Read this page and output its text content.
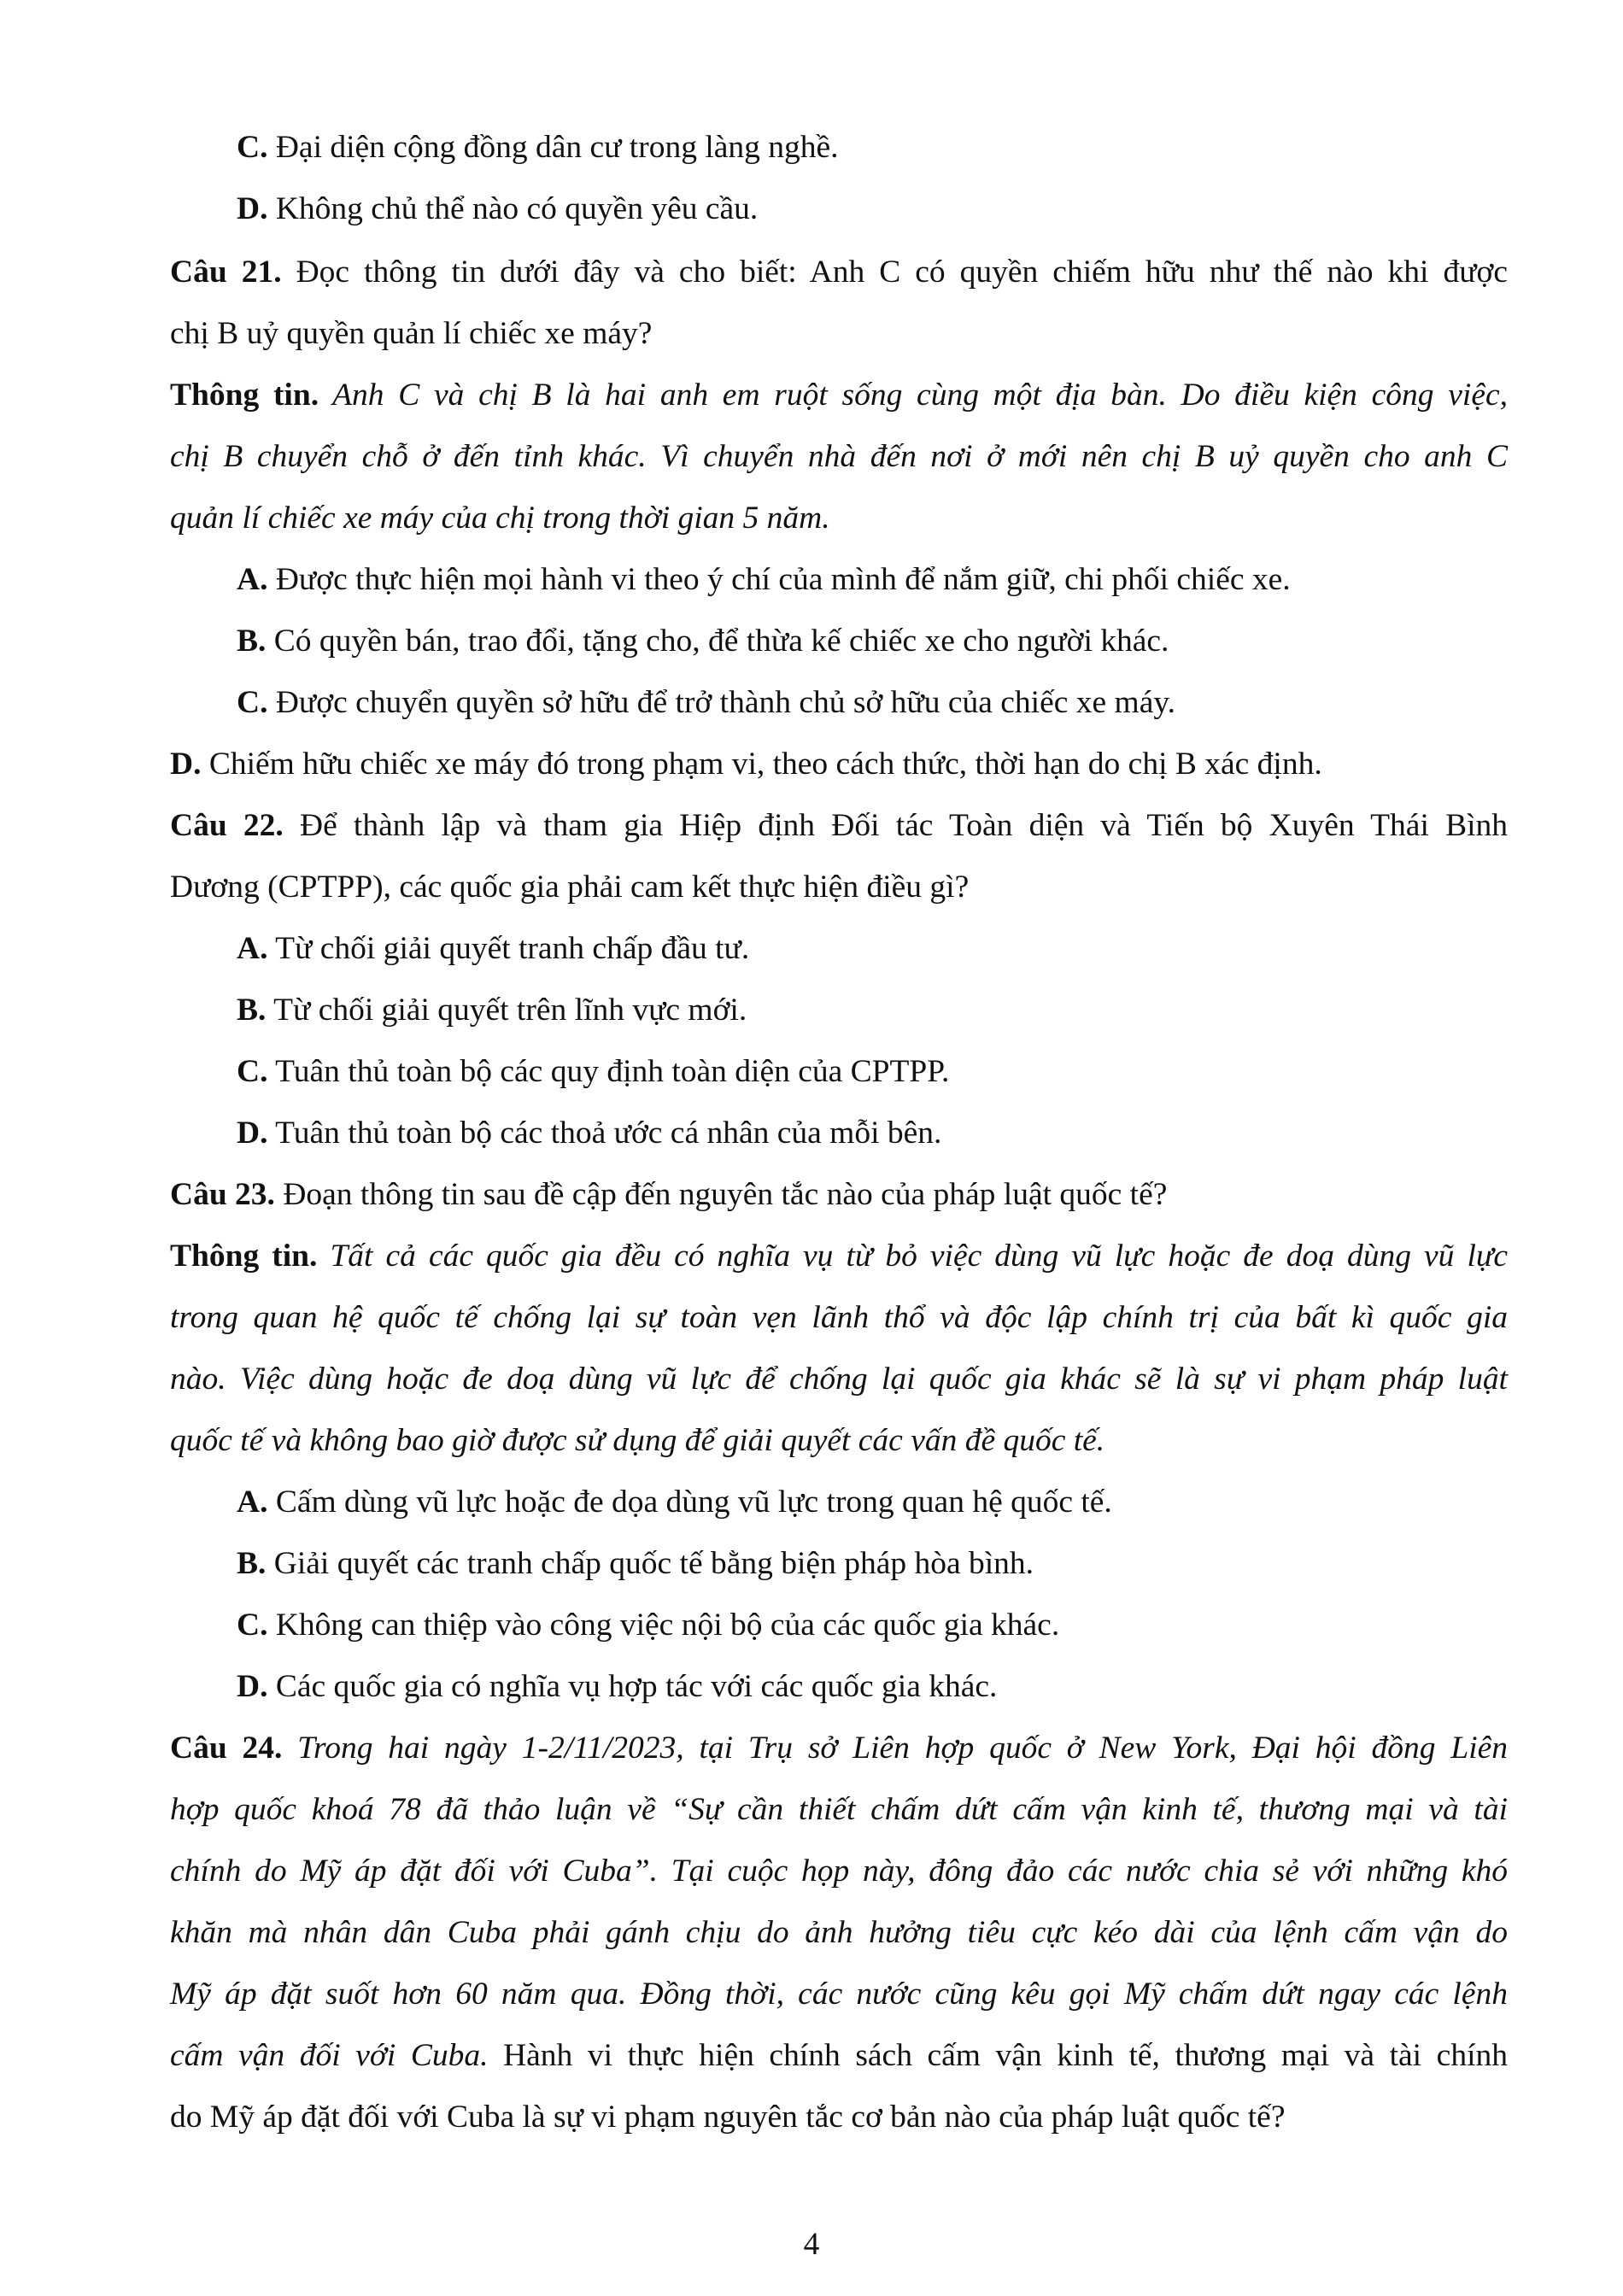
C. Đại diện cộng đồng dân cư trong làng nghề.

D. Không chủ thể nào có quyền yêu cầu.

Câu 21. Đọc thông tin dưới đây và cho biết: Anh C có quyền chiếm hữu như thế nào khi được

chị B uỷ quyền quản lí chiếc xe máy?

Thông tin. Anh C và chị B là hai anh em ruột sống cùng một địa bàn. Do điều kiện công việc,

chị B chuyển chỗ ở đến tỉnh khác. Vì chuyển nhà đến nơi ở mới nên chị B uỷ quyền cho anh C

quản lí chiếc xe máy của chị trong thời gian 5 năm.

A. Được thực hiện mọi hành vi theo ý chí của mình để nắm giữ, chi phối chiếc xe.

B. Có quyền bán, trao đổi, tặng cho, để thừa kế chiếc xe cho người khác.

C. Được chuyển quyền sở hữu để trở thành chủ sở hữu của chiếc xe máy.

D. Chiếm hữu chiếc xe máy đó trong phạm vi, theo cách thức, thời hạn do chị B xác định.

Câu 22. Để thành lập và tham gia Hiệp định Đối tác Toàn diện và Tiến bộ Xuyên Thái Bình

Dương (CPTPP), các quốc gia phải cam kết thực hiện điều gì?

A. Từ chối giải quyết tranh chấp đầu tư.

B. Từ chối giải quyết trên lĩnh vực mới.

C. Tuân thủ toàn bộ các quy định toàn diện của CPTPP.

D. Tuân thủ toàn bộ các thoả ước cá nhân của mỗi bên.

Câu 23. Đoạn thông tin sau đề cập đến nguyên tắc nào của pháp luật quốc tế?

Thông tin. Tất cả các quốc gia đều có nghĩa vụ từ bỏ việc dùng vũ lực hoặc đe doạ dùng vũ lực

trong quan hệ quốc tế chống lại sự toàn vẹn lãnh thổ và độc lập chính trị của bất kì quốc gia

nào. Việc dùng hoặc đe doạ dùng vũ lực để chống lại quốc gia khác sẽ là sự vi phạm pháp luật

quốc tế và không bao giờ được sử dụng để giải quyết các vấn đề quốc tế.

A. Cấm dùng vũ lực hoặc đe dọa dùng vũ lực trong quan hệ quốc tế.

B. Giải quyết các tranh chấp quốc tế bằng biện pháp hòa bình.

C. Không can thiệp vào công việc nội bộ của các quốc gia khác.

D. Các quốc gia có nghĩa vụ hợp tác với các quốc gia khác.

Câu 24. Trong hai ngày 1-2/11/2023, tại Trụ sở Liên hợp quốc ở New York, Đại hội đồng Liên

hợp quốc khoá 78 đã thảo luận về “Sự cần thiết chấm dứt cấm vận kinh tế, thương mại và tài

chính do Mỹ áp đặt đối với Cuba”. Tại cuộc họp này, đông đảo các nước chia sẻ với những khó

khăn mà nhân dân Cuba phải gánh chịu do ảnh hưởng tiêu cực kéo dài của lệnh cấm vận do

Mỹ áp đặt suốt hơn 60 năm qua. Đồng thời, các nước cũng kêu gọi Mỹ chấm dứt ngay các lệnh

cấm vận đối với Cuba. Hành vi thực hiện chính sách cấm vận kinh tế, thương mại và tài chính

do Mỹ áp đặt đối với Cuba là sự vi phạm nguyên tắc cơ bản nào của pháp luật quốc tế?

4
